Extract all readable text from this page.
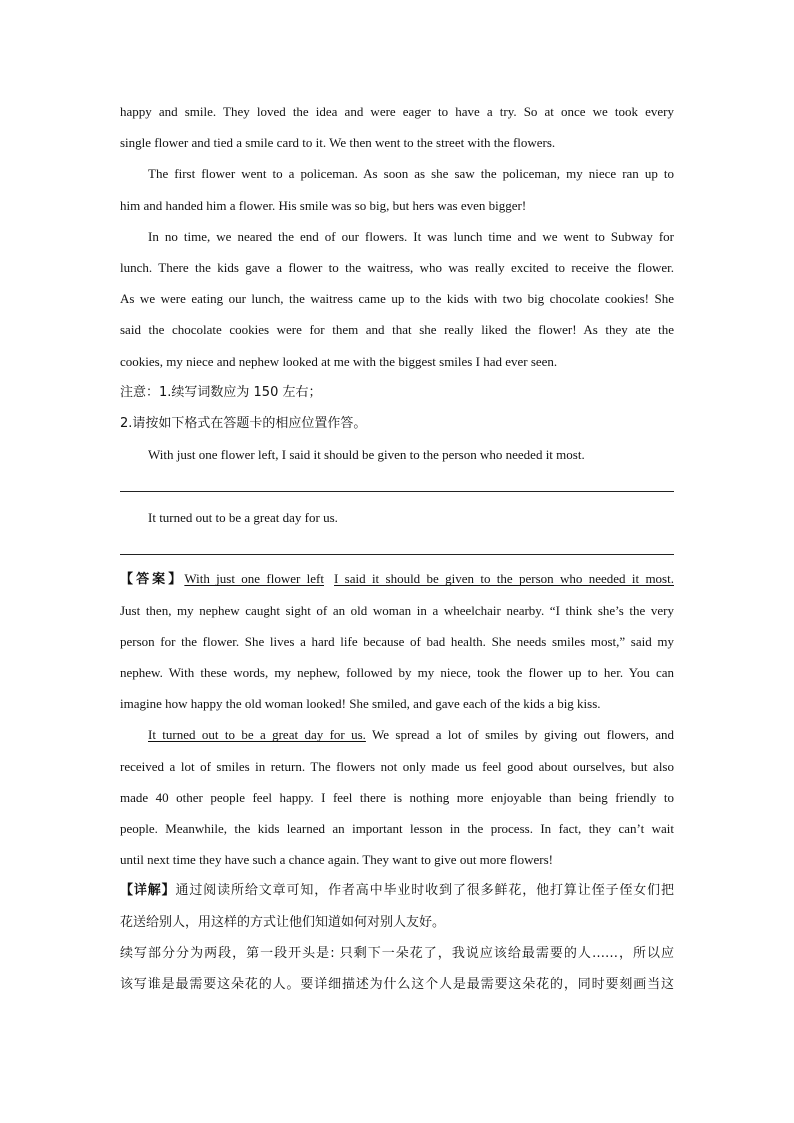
happy and smile. They loved the idea and were eager to have a try. So at once we took every
single flower and tied a smile card to it. We then went to the street with the flowers.
The first flower went to a policeman. As soon as she saw the policeman, my niece ran up to
him and handed him a flower. His smile was so big, but hers was even bigger!
In no time, we neared the end of our flowers. It was lunch time and we went to Subway for
lunch. There the kids gave a flower to the waitress, who was really excited to receive the flower.
As we were eating our lunch, the waitress came up to the kids with two big chocolate cookies! She
said the chocolate cookies were for them and that she really liked the flower! As they ate the
cookies, my niece and nephew looked at me with the biggest smiles I had ever seen.
注意：1.续写词数应为 150 左右；
2.请按如下格式在答题卡的相应位置作答。
With just one flower left, I said it should be given to the person who needed it most.
It turned out to be a great day for us.
【答案】With just one flower left I said it should be given to the person who needed it most.
Just then, my nephew caught sight of an old woman in a wheelchair nearby. “I think she’s the very
person for the flower. She lives a hard life because of bad health. She needs smiles most,” said my
nephew. With these words, my nephew, followed by my niece, took the flower up to her. You can
imagine how happy the old woman looked! She smiled, and gave each of the kids a big kiss.
It turned out to be a great day for us. We spread a lot of smiles by giving out flowers, and
received a lot of smiles in return. The flowers not only made us feel good about ourselves, but also
made 40 other people feel happy. I feel there is nothing more enjoyable than being friendly to
people. Meanwhile, the kids learned an important lesson in the process. In fact, they can’t wait
until next time they have such a chance again. They want to give out more flowers!
【详解】通过阅读所给文章可知，作者高中毕业时收到了很多鲜花，他打算让侄子侄女们把
花送给别人，用这样的方式让他们知道如何对别人友好。
续写部分分为两段，第一段开头是: 只剩下一朵花了，我说应该给最需要的人……，所以应
该写谁是最需要这朵花的人。要详细描述为什么这个人是最需要这朵花的，同时要刻画当这
